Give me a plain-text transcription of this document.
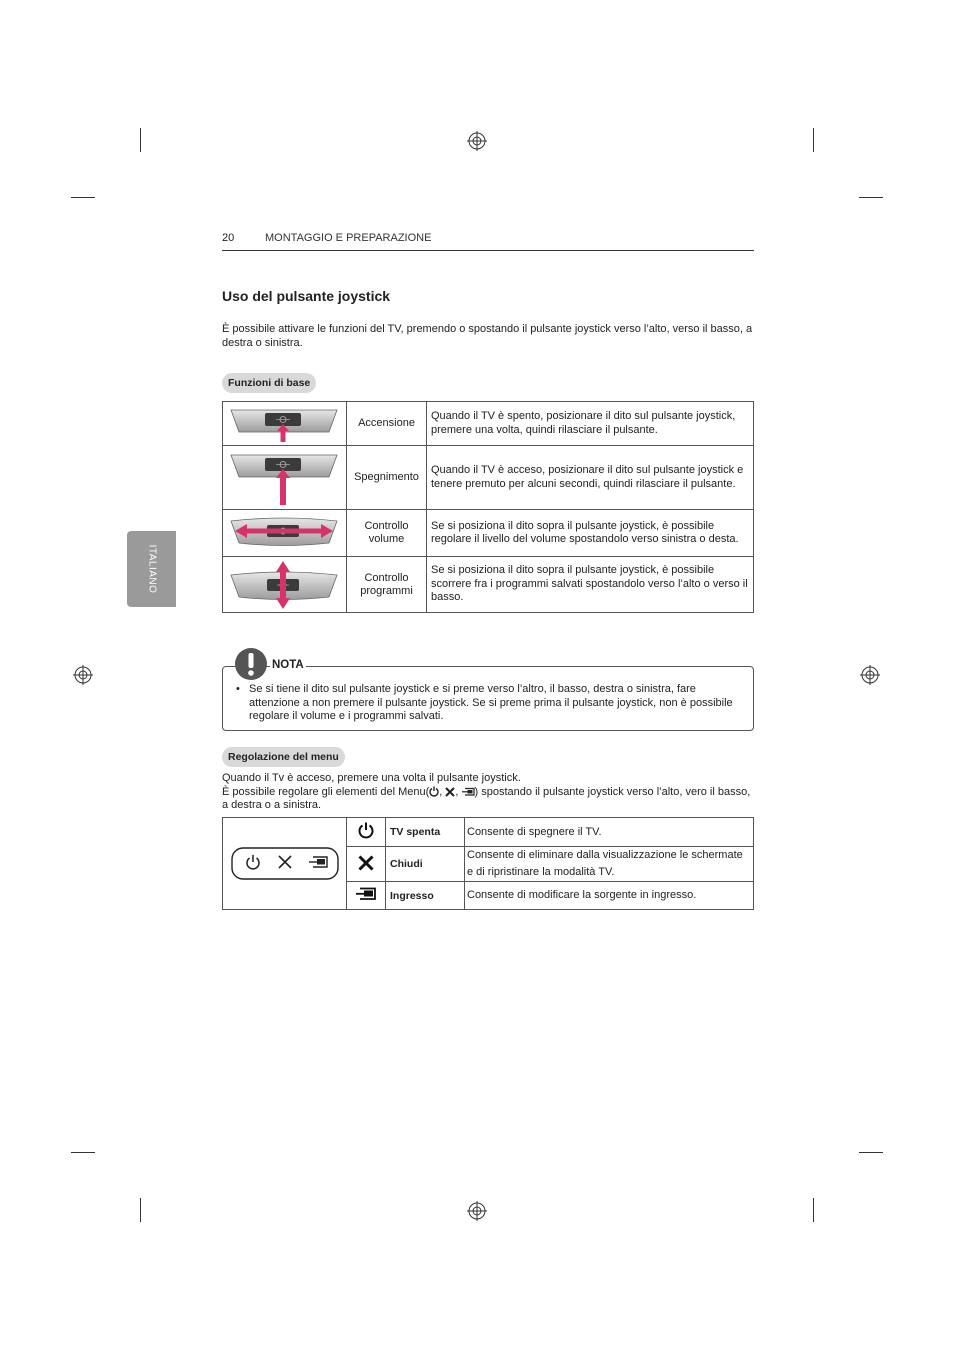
20	MONTAGGIO E PREPARAZIONE
ITALIANO
Uso del pulsante joystick
È possibile attivare le funzioni del TV, premendo o spostando il pulsante joystick verso l’alto, verso il basso, a destra o sinistra.
Funzioni di base
	Accensione	Quando il TV è spento, posizionare il dito sul pulsante joystick, premere una volta, quindi rilasciare il pulsante.

	Spegnimento	Quando il TV è acceso, posizionare il dito sul pulsante joystick e tenere premuto per alcuni secondi, quindi rilasciare il pulsante.

	Controllo volume	Se si posiziona il dito sopra il pulsante joystick, è possibile regolare il livello del volume spostandolo verso sinistra o desta.

	Controllo programmi	Se si posiziona il dito sopra il pulsante joystick, è possibile scorrere fra i programmi salvati spostandolo verso l’alto o verso il basso.
NOTA
• Se si tiene il dito sul pulsante joystick e si preme verso l’altro, il basso, destra o sinistra, fare attenzione a non premere il pulsante joystick. Se si preme prima il pulsante joystick, non è possibile regolare il volume e i programmi salvati.
Regolazione del menu
Quando il Tv è acceso, premere una volta il pulsante joystick.
È possibile regolare gli elementi del Menu( , , ) spostando il pulsante joystick verso l’alto, vero il basso, a destra o a sinistra.
		TV spenta	Consente di spegnere il TV.
	Chiudi	Consente di eliminare dalla visualizzazione le schermate e di ripristinare la modalità TV.
	Ingresso	Consente di modificare la sorgente in ingresso.
